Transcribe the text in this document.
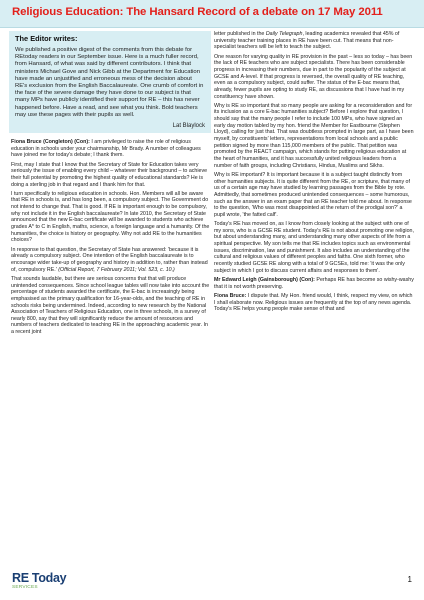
Religious Education: The Hansard Record of a debate on 17 May 2011

The Editor writes:

We published a positive digest of the comments from this debate for REtoday readers in our September issue. Here is a much fuller record, from Hansard, of what was said by different contributors. I think that ministers Michael Gove and Nick Gibb at the Department for Education have made an unjustified and erroneous mess of the decision about RE's exclusion from the English Baccalaureate. One crumb of comfort in the face of the severe damage they have done to our subject is that many MPs have publicly identified their support for RE – this has never happened before. Have a read, and see what you think. Bold teachers may use these pages with their pupils as well.

Lat Blaylock

Fiona Bruce (Congleton) (Con): I am privileged to raise the role of religious education in schools under your chairmanship, Mr Brady. A number of colleagues have joined me for today's debate; I thank them.

First, may I state that I know that the Secretary of State for Education takes very seriously the issue of enabling every child – whatever their background – to achieve their full potential by promoting the highest quality of educational standards? He is doing a sterling job in that regard and I thank him for that.

I turn specifically to religious education in schools. Hon. Members will all be aware that RE in schools is, and has long been, a compulsory subject. The Government do not intend to change that. That is good. If RE is important enough to be compulsory, why not include it in the English baccalaureate? In late 2010, the Secretary of State announced that the new E-bac certificate will be awarded to students who achieve grades A* to C in English, maths, science, a foreign language and a humanity. Of the humanities, the choice is history or geography. Why not add RE to the humanities choices?

In response to that question, the Secretary of State has answered: 'because it is already a compulsory subject. One intention of the English baccalaureate is to encourage wider take-up of geography and history in addition to, rather than instead of, compulsory RE.' (Official Report, 7 February 2011; Vol. 523, c. 10.)

That sounds laudable, but there are serious concerns that that will produce unintended consequences. Since school league tables will now take into account the percentage of students awarded the certificate, the E-bac is increasingly being emphasised as the primary qualification for 16-year-olds, and the teaching of RE in schools risks being undermined. Indeed, according to new research by the National Association of Teachers of Religious Education, one in three schools, in a survey of nearly 800, say that they will significantly reduce the amount of resources and numbers of teachers dedicated to teaching RE in the approaching academic year. In a recent joint

letter published in the Daily Telegraph, leading academics revealed that 45% of university teacher training places in RE have been cut. That means that non-specialist teachers will be left to teach the subject.

One reason for varying quality in RE provision in the past – less so today – has been the lack of RE teachers who are subject specialists. There has been considerable progress in increasing their numbers, due in part to the popularity of the subject at GCSE and A-level. If that progress is reversed, the overall quality of RE teaching, even as a compulsory subject, could suffer. The status of the E-bac means that, already, fewer pupils are opting to study RE, as discussions that I have had in my constituency have shown.

Why is RE so important that so many people are asking for a reconsideration and for its inclusion as a core E-bac humanities subject? Before I explore that question, I should say that the many people I refer to include 100 MPs, who have signed an early day motion tabled by my hon. friend the Member for Eastbourne (Stephen Lloyd), calling for just that. That was doubtless prompted in large part, as I have been myself, by constituents' letters, representations from local schools and a public petition signed by more than 115,000 members of the public. That petition was promoted by the REACT campaign, which stands for putting religious education at the heart of humanities, and it has successfully united religious leaders from a number of faith groups, including Christians, Hindus, Muslims and Sikhs.

Why is RE important? It is important because it is a subject taught distinctly from other humanities subjects. It is quite different from the RE, or scripture, that many of us of a certain age may have studied by learning passages from the Bible by rote. Admittedly, that sometimes produced unintended consequences – some humorous, such as the answer in an exam paper that an RE teacher told me about. In response to the question, 'Who was most disappointed at the return of the prodigal son?' a pupil wrote, 'the fatted calf'.

Today's RE has moved on, as I know from closely looking at the subject with one of my sons, who is a GCSE RE student. Today's RE is not about promoting one religion, but about understanding many, and understanding many other aspects of life from a spiritual perspective. My son tells me that RE includes topics such as environmental issues, discrimination, law and punishment. It also includes an understanding of the cultural and religious values of different peoples and faiths. One sixth former, who recently studied GCSE RE along with a total of 9 GCSEs, told me: 'it was the only subject in which I got to discuss current affairs and responses to them'.

Mr Edward Leigh (Gainsborough) (Con): Perhaps RE has become so wishy-washy that it is not worth preserving.

Fiona Bruce: I dispute that. My Hon. friend would, I think, respect my view, on which I shall elaborate now. Religious issues are frequently at the top of any news agenda. Today's RE helps young people make sense of that and

RE Today
SERVICES
1
